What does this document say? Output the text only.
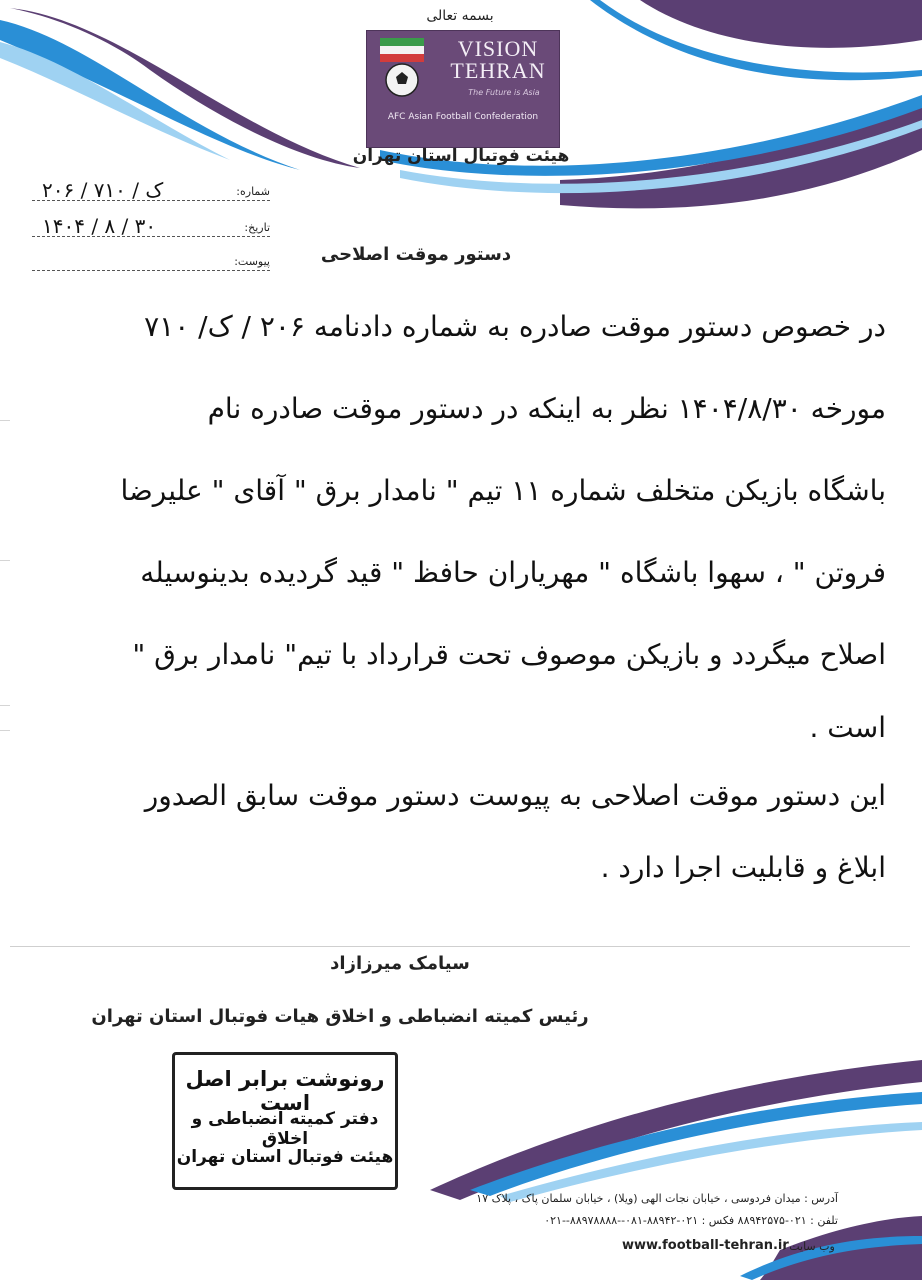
بسمه تعالی
VISION
TEHRAN
The Future is Asia
AFC Asian Football Confederation
هیئت فوتبال استان تهران
شماره:
۲۰۶ / ک / ۷۱۰
تاریخ:
۱۴۰۴ / ۸ / ۳۰
پیوست:	دستور موقت اصلاحی

در خصوص دستور موقت صادره به شماره دادنامه ۲۰۶ / ک/ ۷۱۰

مورخه ۱۴۰۴/۸/۳۰ نظر به اینکه در دستور موقت صادره نام

باشگاه بازیکن متخلف شماره ۱۱ تیم " نامدار برق " آقای " علیرضا

فروتن " ، سهوا باشگاه " مهریاران حافظ " قید گردیده بدینوسیله

اصلاح میگردد و بازیکن موصوف تحت قرارداد با تیم" نامدار برق "

است .

این دستور موقت اصلاحی به پیوست دستور موقت سابق الصدور

ابلاغ و قابلیت اجرا دارد .

سیامک میرزازاد
رئیس کمیته انضباطی و اخلاق هیات فوتبال استان تهران
رونوشت برابر اصل است
دفتر کمیته انضباطی و اخلاق
هیئت فوتبال استان تهران
آدرس : میدان فردوسی ، خیابان نجات الهی (ویلا) ، خیابان سلمان پاک ، پلاک ۱۷
تلفن : ۰۲۱-۸۸۹۴۲۵۷۵ فکس : ۰۲۱-۸۸۹۴۲-۰۸۱--۸۸۹۷۸۸۸۸--۰۲۱
وب سایت :
www.football-tehran.ir
